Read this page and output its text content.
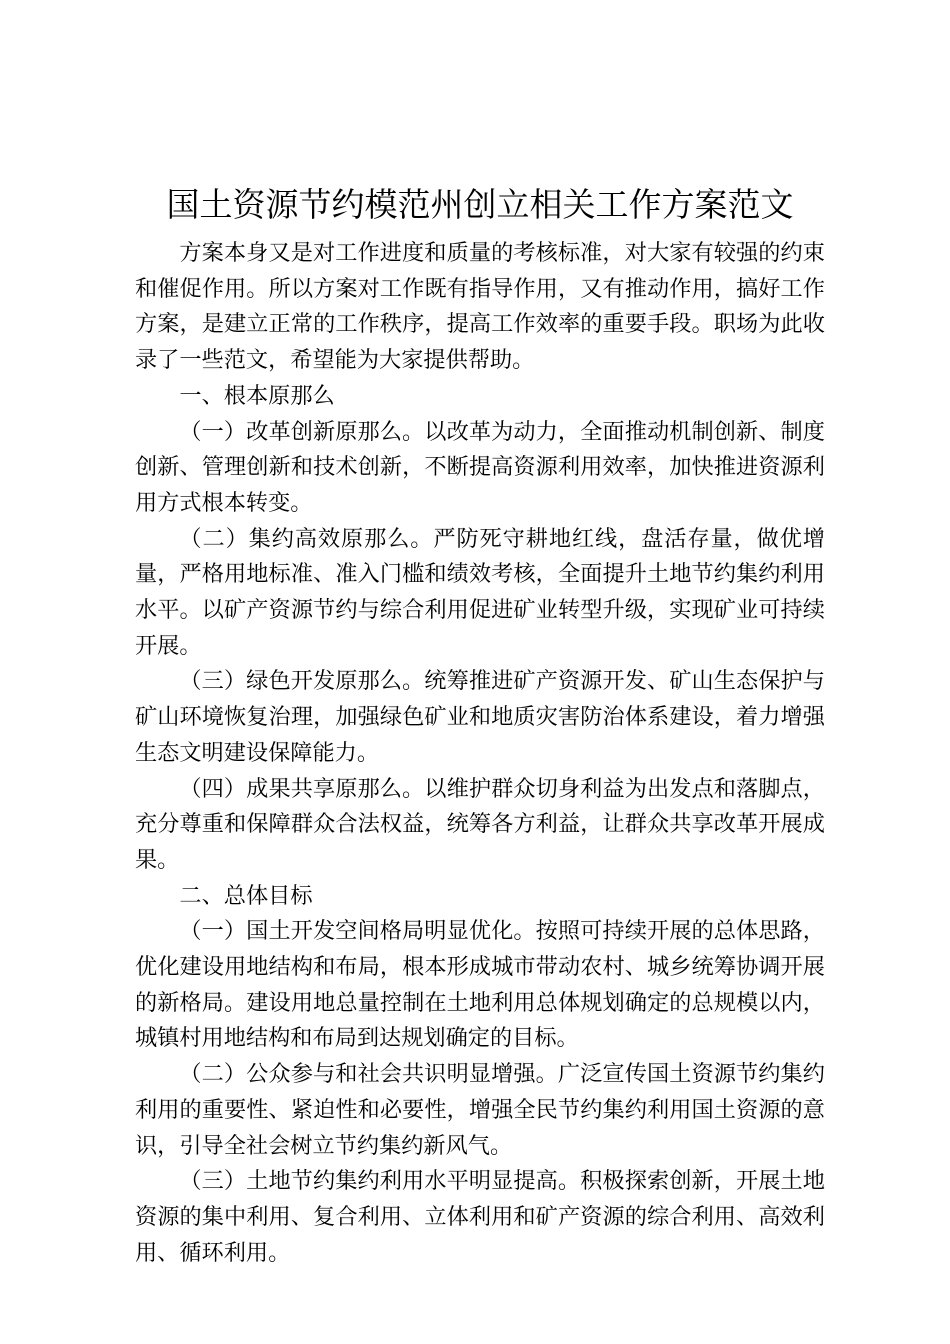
国土资源节约模范州创立相关工作方案范文

方案本身又是对工作进度和质量的考核标准，对大家有较强的约束和催促作用。所以方案对工作既有指导作用，又有推动作用，搞好工作方案，是建立正常的工作秩序，提高工作效率的重要手段。职场为此收录了一些范文，希望能为大家提供帮助。

一、根本原那么

（一）改革创新原那么。以改革为动力，全面推动机制创新、制度创新、管理创新和技术创新，不断提高资源利用效率，加快推进资源利用方式根本转变。

（二）集约高效原那么。严防死守耕地红线，盘活存量，做优增量，严格用地标准、准入门槛和绩效考核，全面提升土地节约集约利用水平。以矿产资源节约与综合利用促进矿业转型升级，实现矿业可持续开展。

（三）绿色开发原那么。统筹推进矿产资源开发、矿山生态保护与矿山环境恢复治理，加强绿色矿业和地质灾害防治体系建设，着力增强生态文明建设保障能力。

（四）成果共享原那么。以维护群众切身利益为出发点和落脚点，充分尊重和保障群众合法权益，统筹各方利益，让群众共享改革开展成果。

二、总体目标

（一）国土开发空间格局明显优化。按照可持续开展的总体思路，优化建设用地结构和布局，根本形成城市带动农村、城乡统筹协调开展的新格局。建设用地总量控制在土地利用总体规划确定的总规模以内，城镇村用地结构和布局到达规划确定的目标。

（二）公众参与和社会共识明显增强。广泛宣传国土资源节约集约利用的重要性、紧迫性和必要性，增强全民节约集约利用国土资源的意识，引导全社会树立节约集约新风气。

（三）土地节约集约利用水平明显提高。积极探索创新，开展土地资源的集中利用、复合利用、立体利用和矿产资源的综合利用、高效利用、循环利用。
